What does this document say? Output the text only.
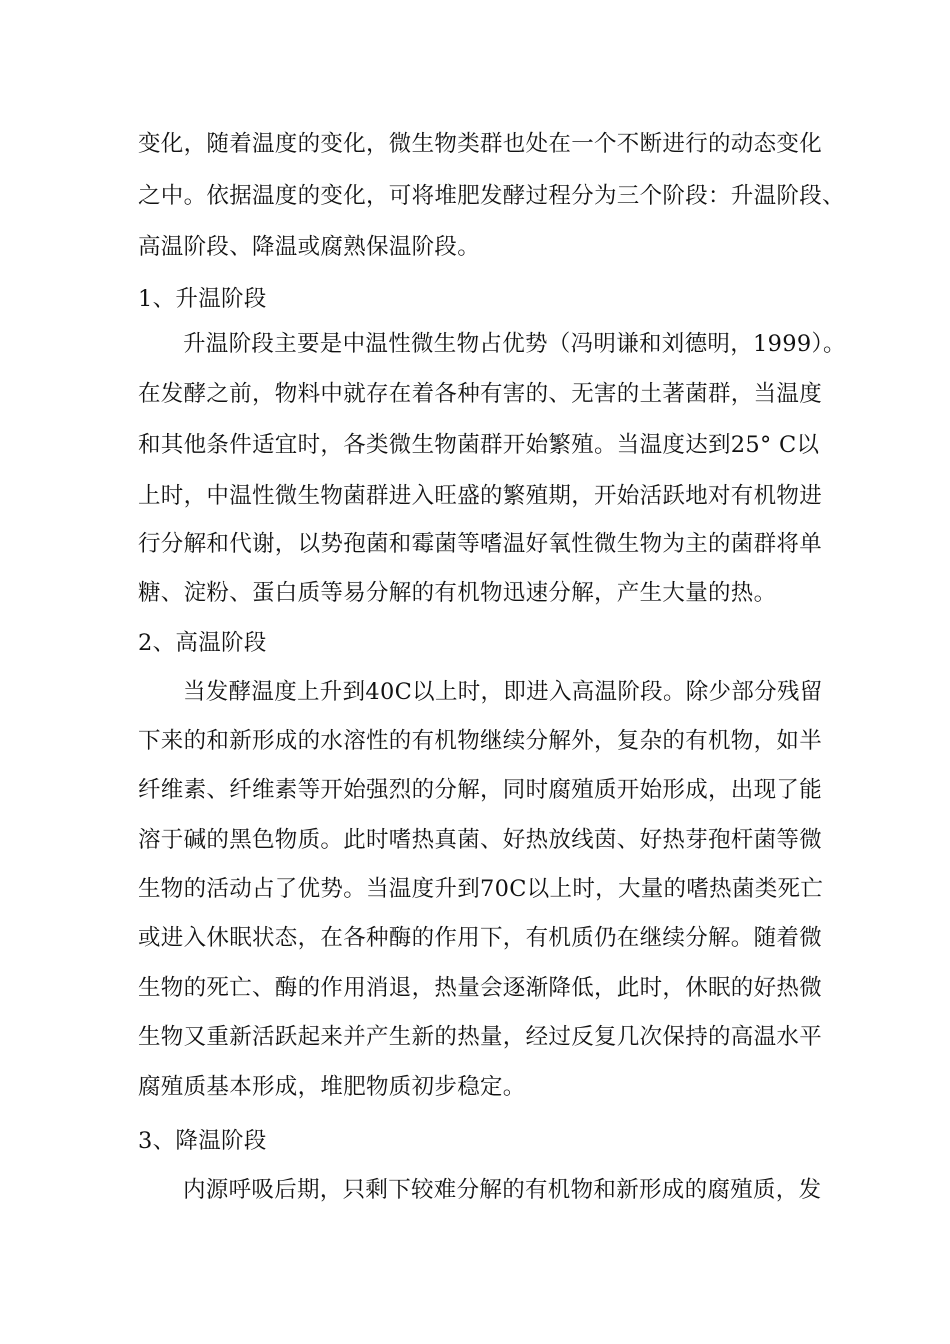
变化，随着温度的变化，微生物类群也处在一个不断进行的动态变化
之中。依据温度的变化，可将堆肥发酵过程分为三个阶段：升温阶段、
高温阶段、降温或腐熟保温阶段。
1、升温阶段
升温阶段主要是中温性微生物占优势（冯明谦和刘德明，1999）。
在发酵之前，物料中就存在着各种有害的、无害的土著菌群，当温度
和其他条件适宜时，各类微生物菌群开始繁殖。当温度达到25° C以
上时，中温性微生物菌群进入旺盛的繁殖期，开始活跃地对有机物进
行分解和代谢，以势孢菌和霉菌等嗜温好氧性微生物为主的菌群将单
糖、淀粉、蛋白质等易分解的有机物迅速分解，产生大量的热。
2、高温阶段
当发酵温度上升到40C以上时，即进入高温阶段。除少部分残留
下来的和新形成的水溶性的有机物继续分解外，复杂的有机物，如半
纤维素、纤维素等开始强烈的分解，同时腐殖质开始形成，出现了能
溶于碱的黑色物质。此时嗜热真菌、好热放线茵、好热芽孢杆菌等微
生物的活动占了优势。当温度升到70C以上时，大量的嗜热菌类死亡
或进入休眠状态，在各种酶的作用下，有机质仍在继续分解。随着微
生物的死亡、酶的作用消退，热量会逐渐降低，此时，休眠的好热微
生物又重新活跃起来并产生新的热量，经过反复几次保持的高温水平
腐殖质基本形成，堆肥物质初步稳定。
3、降温阶段
内源呼吸后期，只剩下较难分解的有机物和新形成的腐殖质，发
